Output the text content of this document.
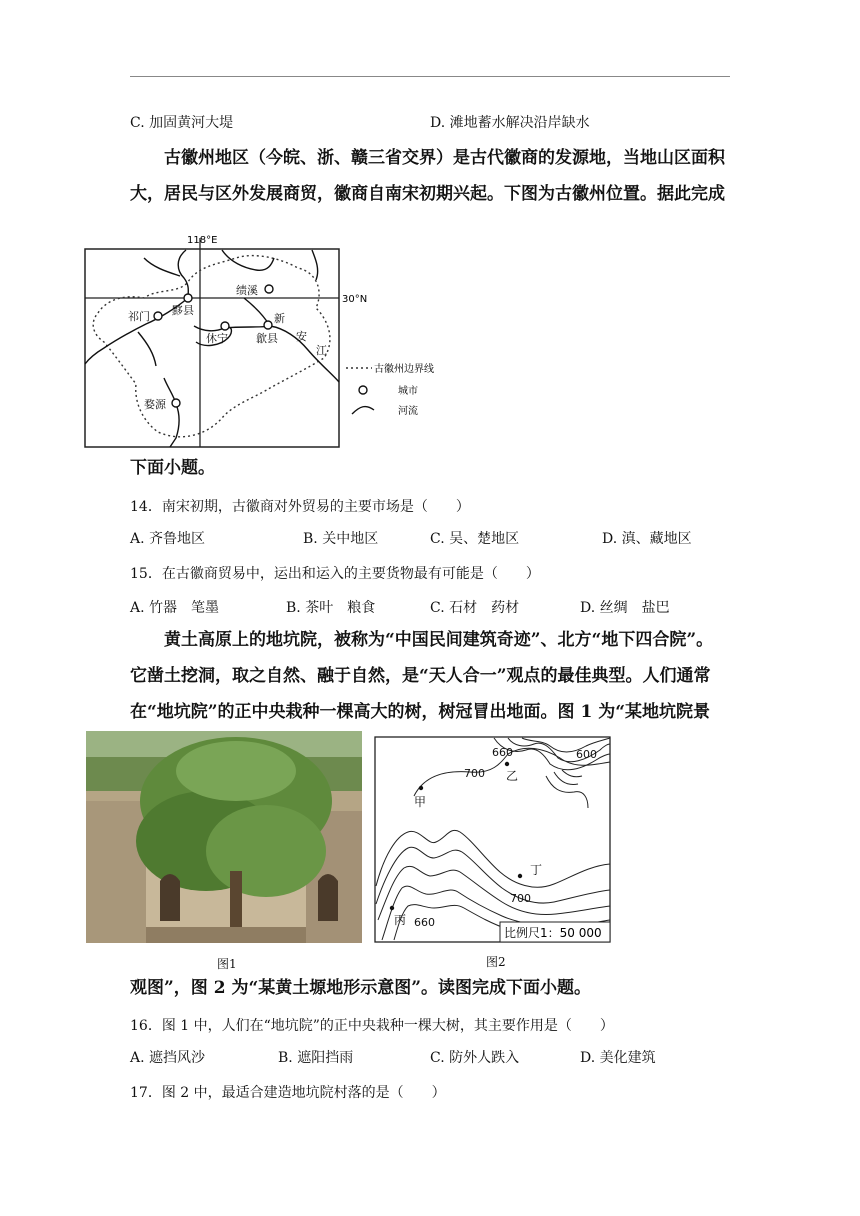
C. 加固黄河大堤	D. 滩地蓄水解决沿岸缺水

古徽州地区（今皖、浙、赣三省交界）是古代徽商的发源地，当地山区面积

大，居民与区外发展商贸，徽商自南宋初期兴起。下图为古徽州位置。据此完成

118°E
30°N
绩溪
黟县
祁门
休宁	歙县
婺源
新
安
江
古徽州边界线
城市
河流

下面小题。

14．南宋初期，古徽商对外贸易的主要市场是（　　）
A. 齐鲁地区	B. 关中地区	C. 吴、楚地区	D. 滇、藏地区
15．在古徽商贸易中，运出和运入的主要货物最有可能是（　　）
A. 竹器　笔墨	B. 茶叶　粮食	C. 石材　药材	D. 丝绸　盐巴

黄土高原上的地坑院，被称为“中国民间建筑奇迹”、北方“地下四合院”。

它凿土挖洞，取之自然、融于自然，是“天人合一”观点的最佳典型。人们通常

在“地坑院”的正中央栽种一棵高大的树，树冠冒出地面。图 1 为“某地坑院景

图1
比例尺1：50 000
660	600
700
700
660
甲
乙
丁
丙
图2

观图”，图 2 为“某黄土塬地形示意图”。读图完成下面小题。

16．图 1 中，人们在“地坑院”的正中央栽种一棵大树，其主要作用是（　　）
A. 遮挡风沙	B. 遮阳挡雨	C. 防外人跌入	D. 美化建筑
17．图 2 中，最适合建造地坑院村落的是（　　）
